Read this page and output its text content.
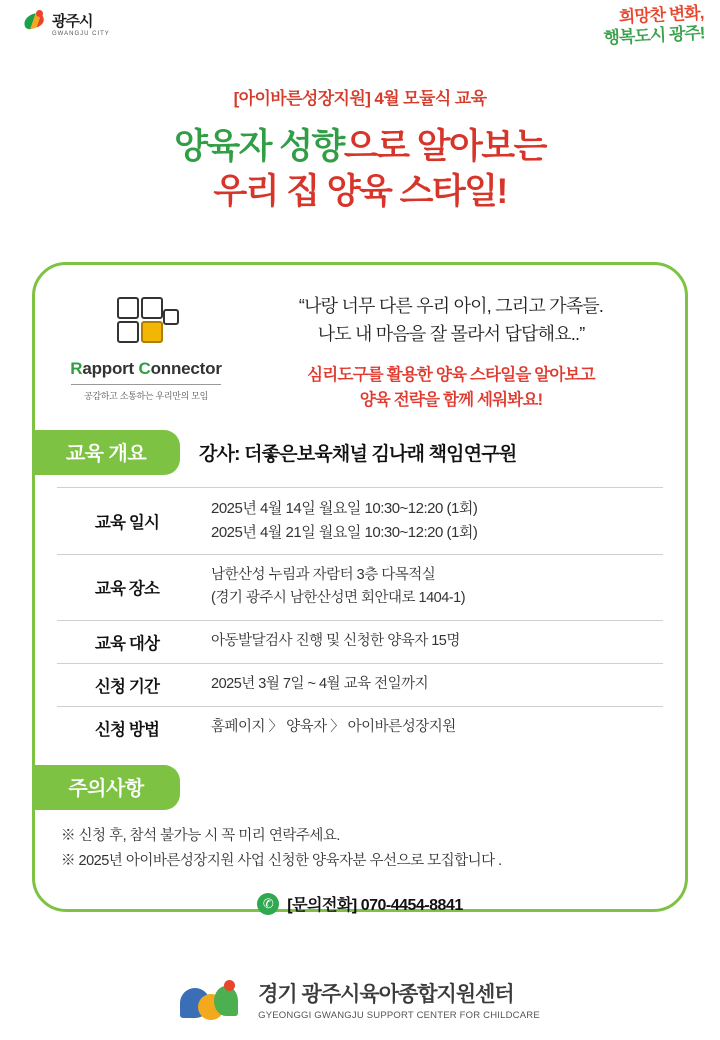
광주시
GWANGJU CITY
희망찬 변화,
행복도시 광주!
[아이바른성장지원] 4월 모듈식 교육
양육자 성향으로 알아보는
우리 집 양육 스타일!
Rapport Connector
공감하고 소통하는 우리만의 모임
“나랑 너무 다른 우리 아이, 그리고 가족들.
나도 내 마음을 잘 몰라서 답답해요..”
심리도구를 활용한 양육 스타일을 알아보고
양육 전략을 함께 세워봐요!
교육 개요	강사: 더좋은보육채널 김나래 책임연구원
교육 일시	2025년 4월 14일 월요일 10:30~12:20 (1회)
2025년 4월 21일 월요일 10:30~12:20 (1회)

교육 장소	남한산성 누림과 자람터 3층 다목적실
(경기 광주시 남한산성면 회안대로 1404-1)

교육 대상	아동발달검사 진행 및 신청한 양육자 15명

신청 기간	2025년 3월 7일 ~ 4월 교육 전일까지

신청 방법	홈페이지 〉 양육자 〉 아이바른성장지원
주의사항
※ 신청 후, 참석 불가능 시 꼭 미리 연락주세요.
※ 2025년 아이바른성장지원 사업 신청한 양육자분 우선으로 모집합니다 .
✆ [문의전화] 070-4454-8841
경기 광주시육아종합지원센터
GYEONGGI GWANGJU SUPPORT CENTER FOR CHILDCARE
